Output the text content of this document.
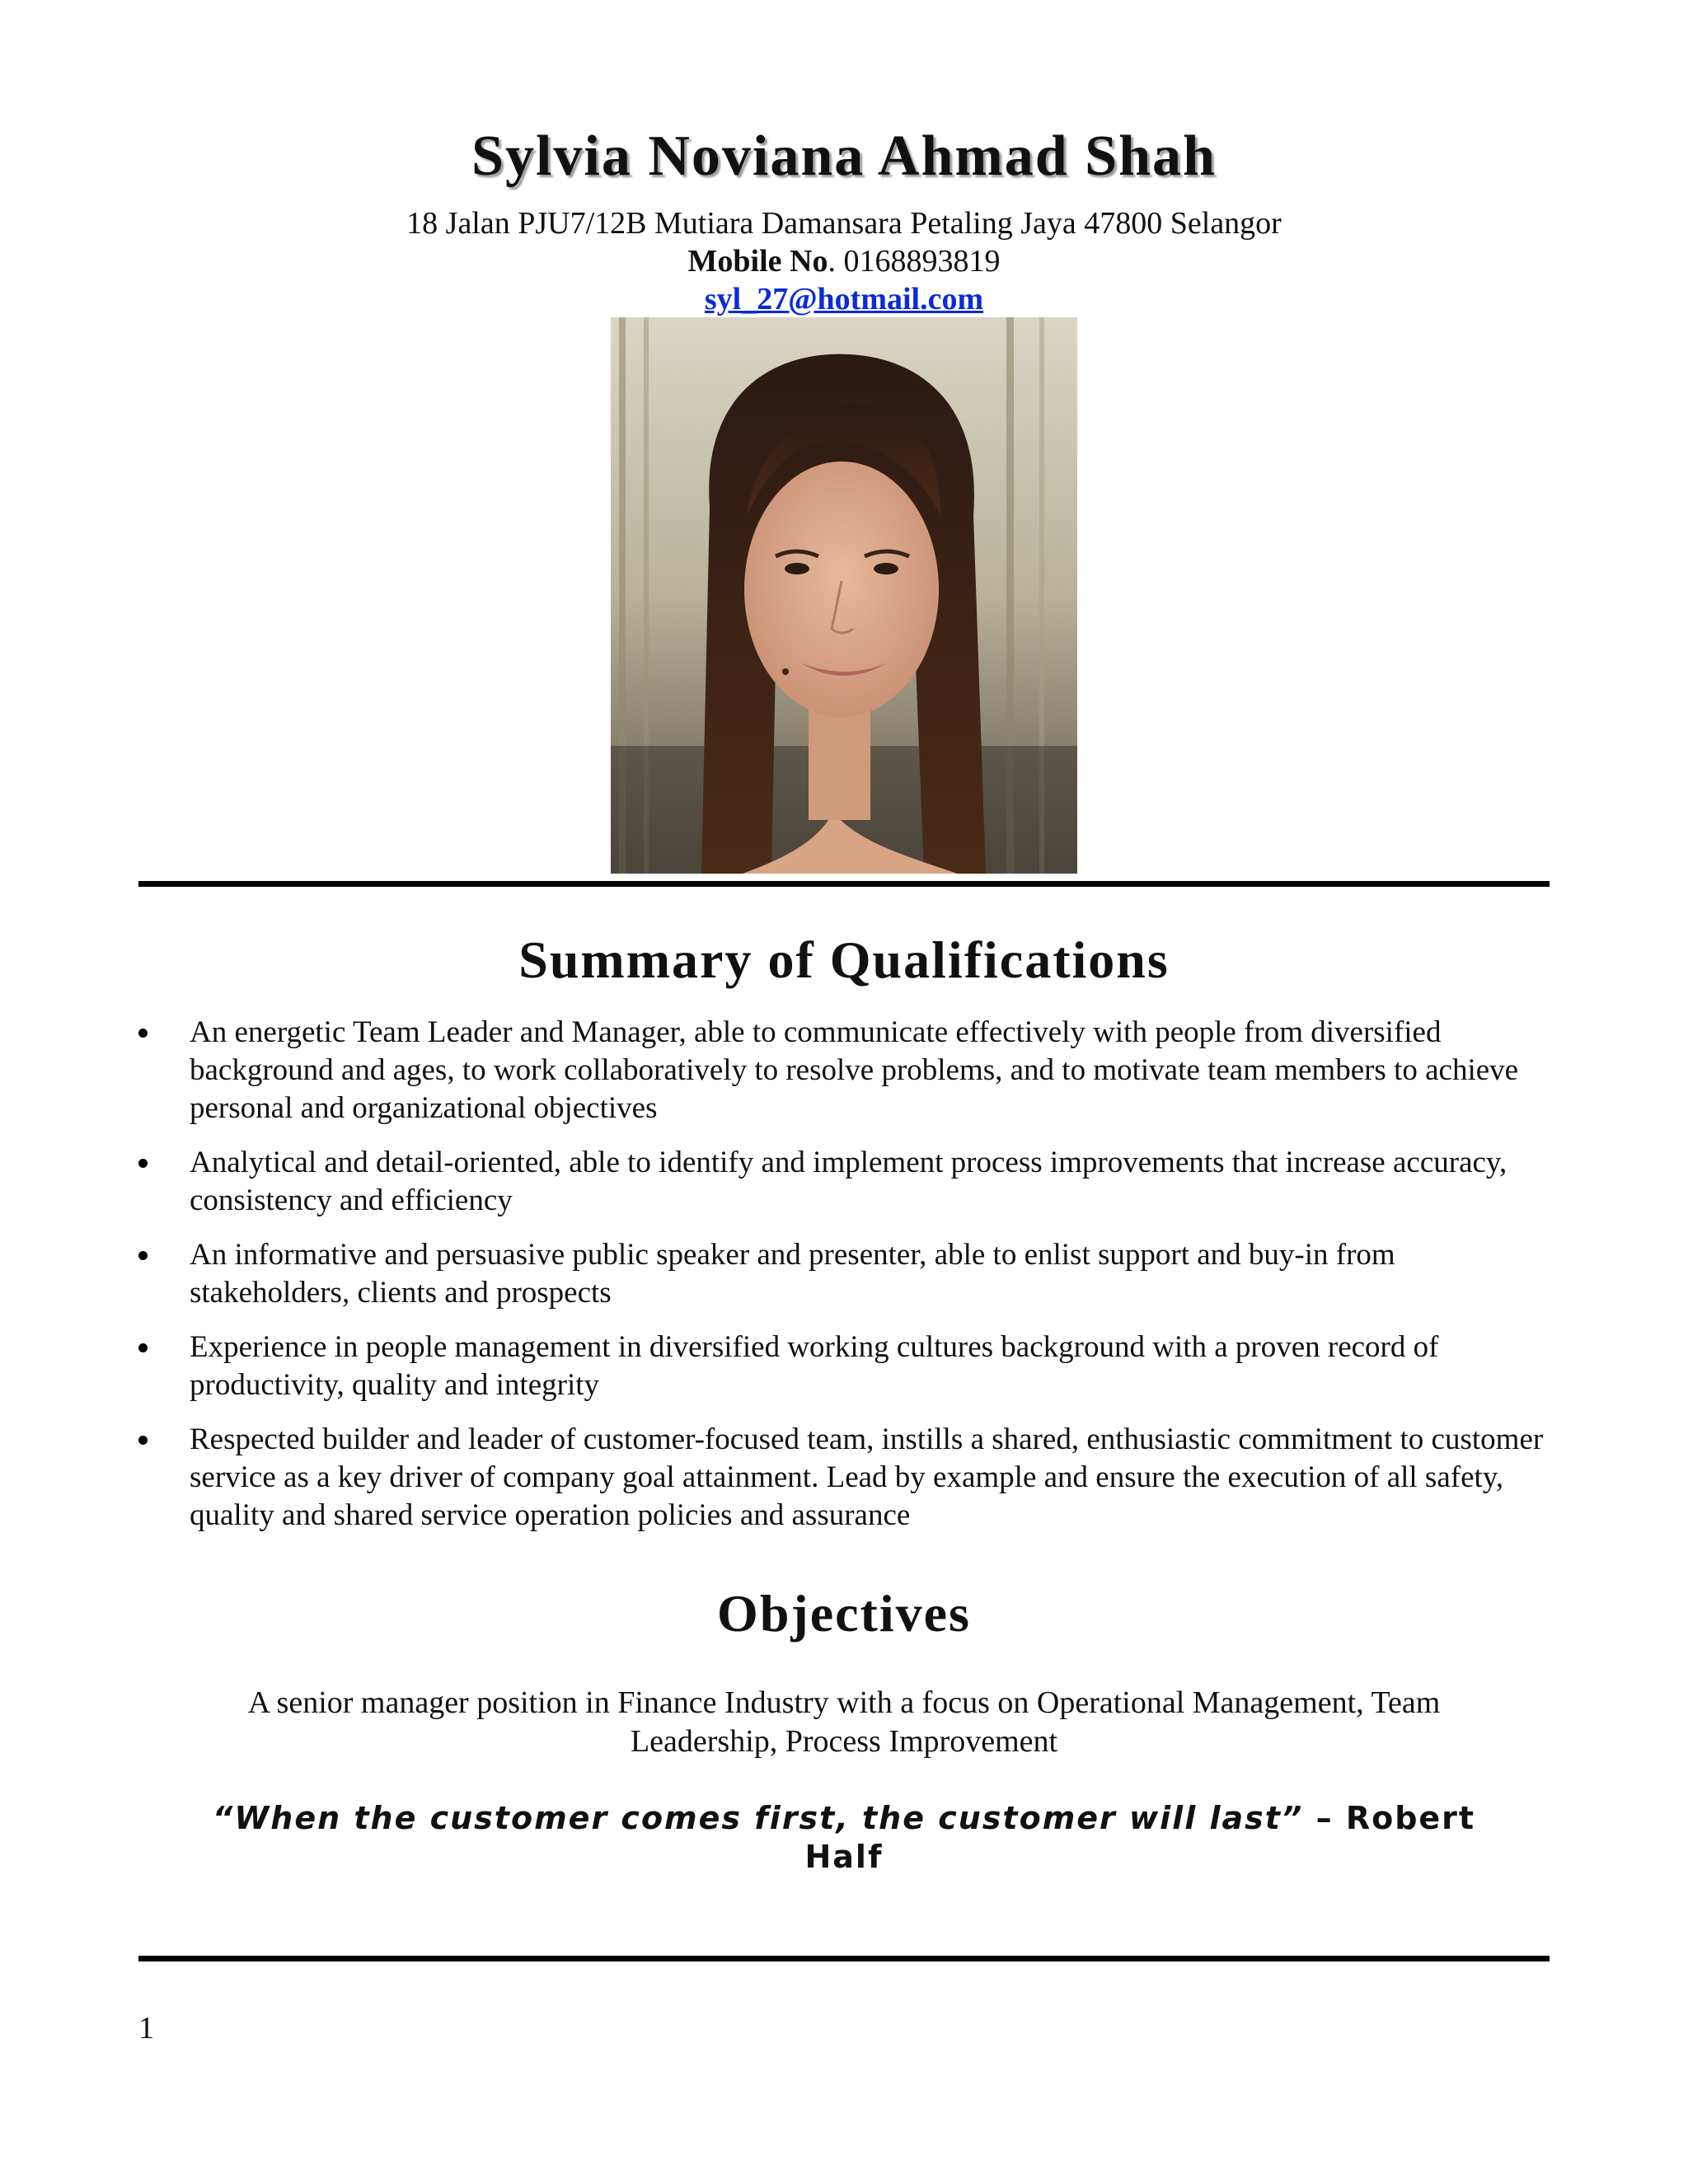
Sylvia Noviana Ahmad Shah
18 Jalan PJU7/12B Mutiara Damansara Petaling Jaya 47800 Selangor
Mobile No. 0168893819
syl_27@hotmail.com
Summary of Qualifications
An energetic Team Leader and Manager, able to communicate effectively with people from diversified background and ages, to work collaboratively to resolve problems, and to motivate team members to achieve personal and organizational objectives
Analytical and detail-oriented, able to identify and implement process improvements that increase accuracy, consistency and efficiency
An informative and persuasive public speaker and presenter, able to enlist support and buy-in from stakeholders, clients and prospects
Experience in people management in diversified working cultures background with a proven record of productivity, quality and integrity
Respected builder and leader of customer-focused team, instills a shared, enthusiastic commitment to customer service as a key driver of company goal attainment. Lead by example and ensure the execution of all safety, quality and shared service operation policies and assurance
Objectives

A senior manager position in Finance Industry with a focus on Operational Management, Team Leadership, Process Improvement

“When the customer comes first, the customer will last” – Robert Half

1
